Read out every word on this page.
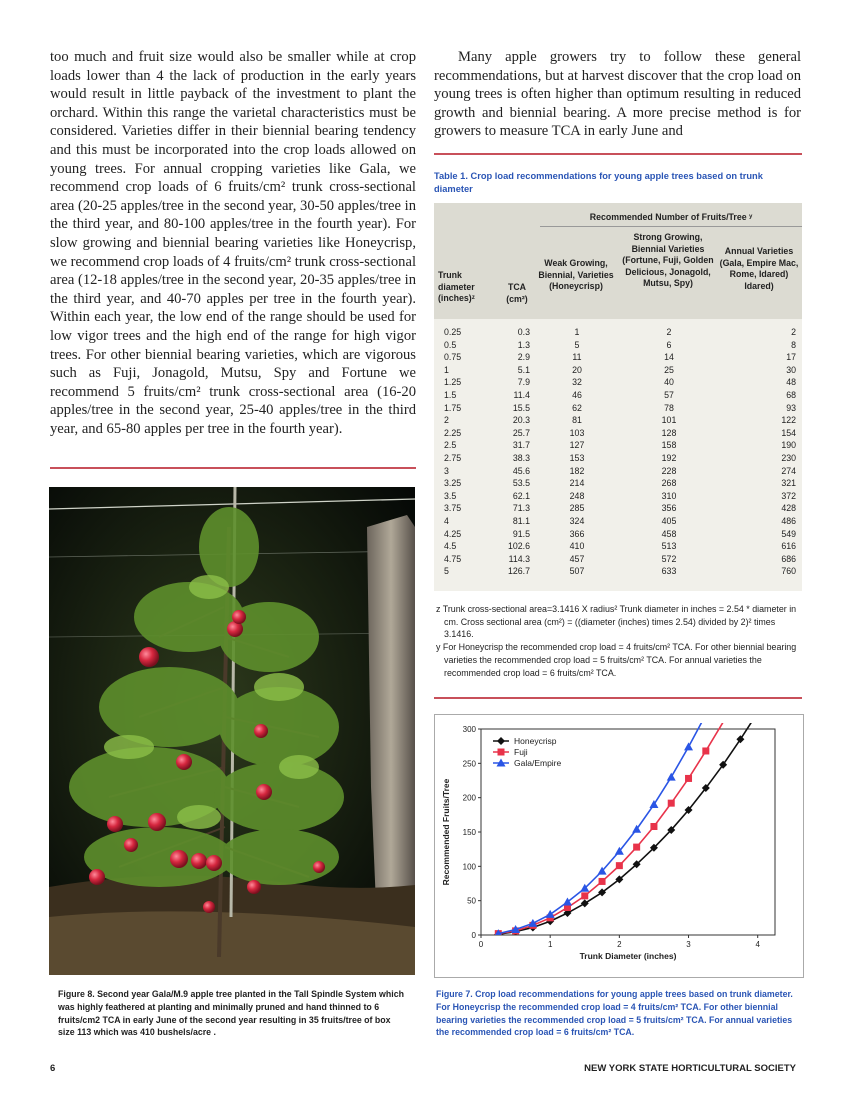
too much and fruit size would also be smaller while at crop loads lower than 4 the lack of production in the early years would result in little payback of the investment to plant the orchard. Within this range the varietal characteristics must be considered. Varieties differ in their biennial bearing tendency and this must be incorporated into the crop loads allowed on young trees. For annual cropping varieties like Gala, we recommend crop loads of 6 fruits/cm² trunk cross-sectional area (20-25 apples/tree in the second year, 30-50 apples/tree in the third year, and 80-100 apples/tree in the fourth year). For slow growing and biennial bearing varieties like Honeycrisp, we recommend crop loads of 4 fruits/cm² trunk cross-sectional area (12-18 apples/tree in the second year, 20-35 apples/tree in the third year, and 40-70 apples per tree in the fourth year). Within each year, the low end of the range should be used for low vigor trees and the high end of the range for high vigor trees. For other biennial bearing varieties, which are vigorous such as Fuji, Jonagold, Mutsu, Spy and Fortune we recommend 5 fruits/cm² trunk cross-sectional area (16-20 apples/tree in the second year, 25-40 apples/tree in the third year, and 65-80 apples per tree in the fourth year).

Many apple growers try to follow these general recommendations, but at harvest discover that the crop load on young trees is often higher than optimum resulting in reduced growth and biennial bearing. A more precise method is for growers to measure TCA in early June and

Table 1. Crop load recommendations for young apple trees based on trunk diameter
Recommended Number of Fruits/Tree ʸ
Trunk diameter (inches)ᶻ
TCA (cm²)
Weak Growing, Biennial, Varieties (Honeycrisp)
Strong Growing, Biennial Varieties (Fortune, Fuji, Golden Delicious, Jonagold, Mutsu, Spy)
Annual Varieties (Gala, Empire Mac, Rome, Idared) Idared)
0.25	0.3	1	2	2
0.5	1.3	5	6	8
0.75	2.9	11	14	17
1	5.1	20	25	30
1.25	7.9	32	40	48
1.5	11.4	46	57	68
1.75	15.5	62	78	93
2	20.3	81	101	122
2.25	25.7	103	128	154
2.5	31.7	127	158	190
2.75	38.3	153	192	230
3	45.6	182	228	274
3.25	53.5	214	268	321
3.5	62.1	248	310	372
3.75	71.3	285	356	428
4	81.1	324	405	486
4.25	91.5	366	458	549
4.5	102.6	410	513	616
4.75	114.3	457	572	686
5	126.7	507	633	760

z Trunk cross-sectional area=3.1416 X radius² Trunk diameter in inches = 2.54 * diameter in cm. Cross sectional area (cm²) = ((diameter (inches) times 2.54) divided by 2)² times 3.1416.

y For Honeycrisp the recommended crop load = 4 fruits/cm² TCA. For other biennial bearing varieties the recommended crop load = 5 fruits/cm² TCA. For annual varieties the recommended crop load = 6 fruits/cm² TCA.

0
50
100
150
200
250
300
0	1	2	3	4
Trunk Diameter (inches)
Recommended Fruits/Tree
Honeycrisp
Fuji
Gala/Empire
Figure 8. Second year Gala/M.9 apple tree planted in the Tall Spindle System which was highly feathered at planting and minimally pruned and hand thinned to 6 fruits/cm2 TCA in early June of the second year resulting in 35 fruits/tree of box size 113 which was 410 bushels/acre .
Figure 7. Crop load recommendations for young apple trees based on trunk diameter. For Honeycrisp the recommended crop load = 4 fruits/cm² TCA. For other biennial bearing varieties the recommended crop load = 5 fruits/cm² TCA. For annual varieties the recommended crop load = 6 fruits/cm² TCA.
6	NEW YORK STATE HORTICULTURAL SOCIETY
